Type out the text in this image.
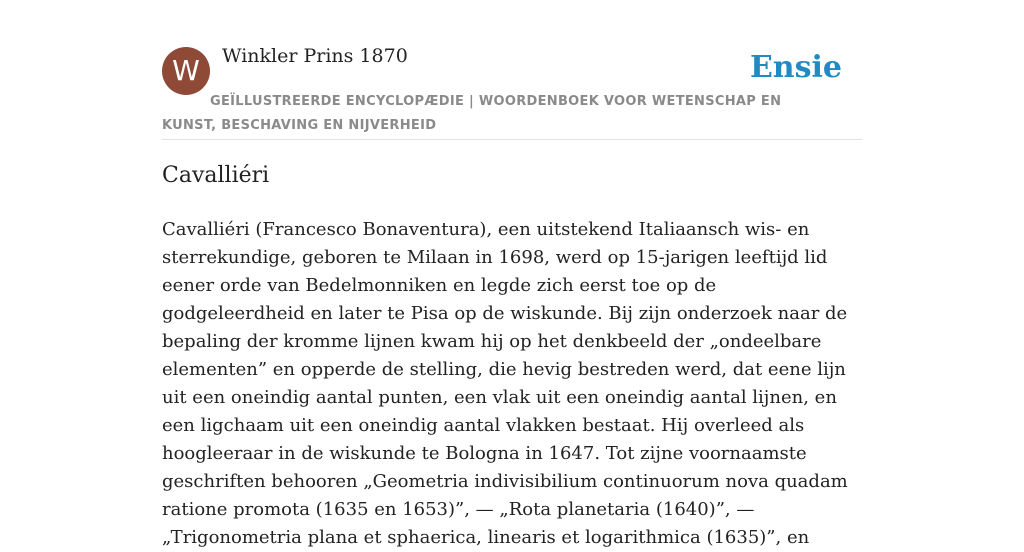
W	Winkler Prins 1870	Ensie
GEÏLLUSTREERDE ENCYCLOPÆDIE | WOORDENBOEK VOOR WETENSCHAP EN KUNST, BESCHAVING EN NIJVERHEID
Cavalliéri

Cavalliéri (Francesco Bonaventura), een uitstekend Italiaansch wis- en sterrekundige, geboren te Milaan in 1698, werd op 15-jarigen leeftijd lid eener orde van Bedelmonniken en legde zich eerst toe op de godgeleerdheid en later te Pisa op de wiskunde. Bij zijn onderzoek naar de bepaling der kromme lijnen kwam hij op het denkbeeld der „ondeelbare elementen” en opperde de stelling, die hevig bestreden werd, dat eene lijn uit een oneindig aantal punten, een vlak uit een oneindig aantal lijnen, en een ligchaam uit een oneindig aantal vlakken bestaat. Hij overleed als hoogleeraar in de wiskunde te Bologna in 1647. Tot zijne voornaamste geschriften behooren „Geometria indivisibilium continuorum nova quadam ratione promota (1635 en 1653)”, — „Rota planetaria (1640)”, — „Trigonometria plana et sphaerica, linearis et logarithmica (1635)”, en
